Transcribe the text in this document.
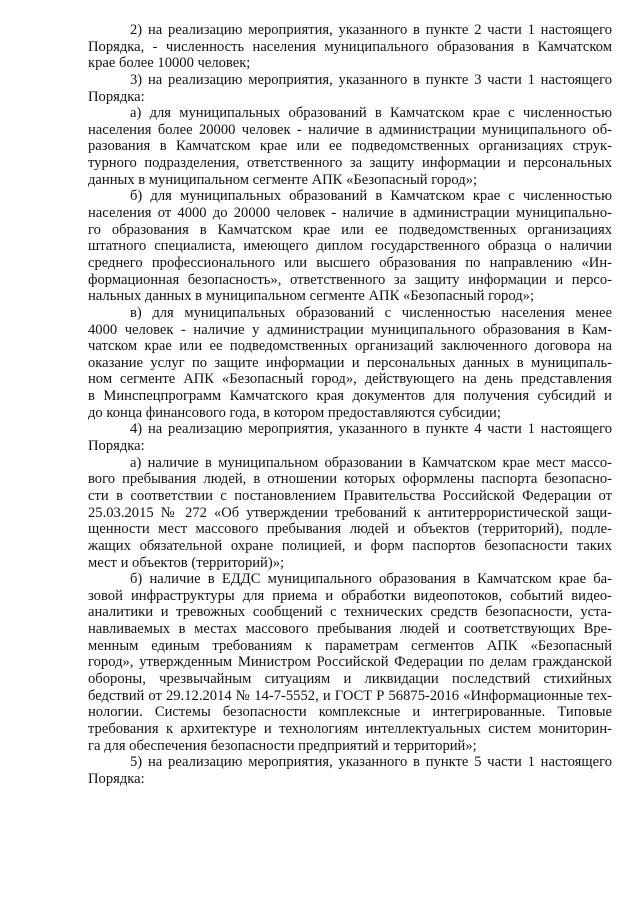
2) на реализацию мероприятия, указанного в пункте 2 части 1 настоящего
Порядка, - численность населения муниципального образования в Камчатском
крае более 10000 человек;
3) на реализацию мероприятия, указанного в пункте 3 части 1 настоящего
Порядка:
а) для муниципальных образований в Камчатском крае с численностью
населения более 20000 человек - наличие в администрации муниципального об-
разования в Камчатском крае или ее подведомственных организациях струк-
турного подразделения, ответственного за защиту информации и персональных
данных в муниципальном сегменте АПК «Безопасный город»;
б) для муниципальных образований в Камчатском крае с численностью
населения от 4000 до 20000 человек - наличие в администрации муниципально-
го образования в Камчатском крае или ее подведомственных организациях
штатного специалиста, имеющего диплом государственного образца о наличии
среднего профессионального или высшего образования по направлению «Ин-
формационная безопасность», ответственного за защиту информации и персо-
нальных данных в муниципальном сегменте АПК «Безопасный город»;
в) для муниципальных образований с численностью населения менее
4000 человек - наличие у администрации муниципального образования в Кам-
чатском крае или ее подведомственных организаций заключенного договора на
оказание услуг по защите информации и персональных данных в муниципаль-
ном сегменте АПК «Безопасный город», действующего на день представления
в Минспецпрограмм Камчатского края документов для получения субсидий и
до конца финансового года, в котором предоставляются субсидии;
4) на реализацию мероприятия, указанного в пункте 4 части 1 настоящего
Порядка:
а) наличие в муниципальном образовании в Камчатском крае мест массо-
вого пребывания людей, в отношении которых оформлены паспорта безопасно-
сти в соответствии с постановлением Правительства Российской Федерации от
25.03.2015 № 272 «Об утверждении требований к антитеррористической защи-
щенности мест массового пребывания людей и объектов (территорий), подле-
жащих обязательной охране полицией, и форм паспортов безопасности таких
мест и объектов (территорий)»;
б) наличие в ЕДДС муниципального образования в Камчатском крае ба-
зовой инфраструктуры для приема и обработки видеопотоков, событий видео-
аналитики и тревожных сообщений с технических средств безопасности, уста-
навливаемых в местах массового пребывания людей и соответствующих Вре-
менным единым требованиям к параметрам сегментов АПК «Безопасный
город», утвержденным Министром Российской Федерации по делам гражданской
обороны, чрезвычайным ситуациям и ликвидации последствий стихийных
бедствий от 29.12.2014 № 14-7-5552, и ГОСТ Р 56875-2016 «Информационные тех-
нологии. Системы безопасности комплексные и интегрированные. Типовые
требования к архитектуре и технологиям интеллектуальных систем мониторин-
га для обеспечения безопасности предприятий и территорий»;
5) на реализацию мероприятия, указанного в пункте 5 части 1 настоящего
Порядка:
